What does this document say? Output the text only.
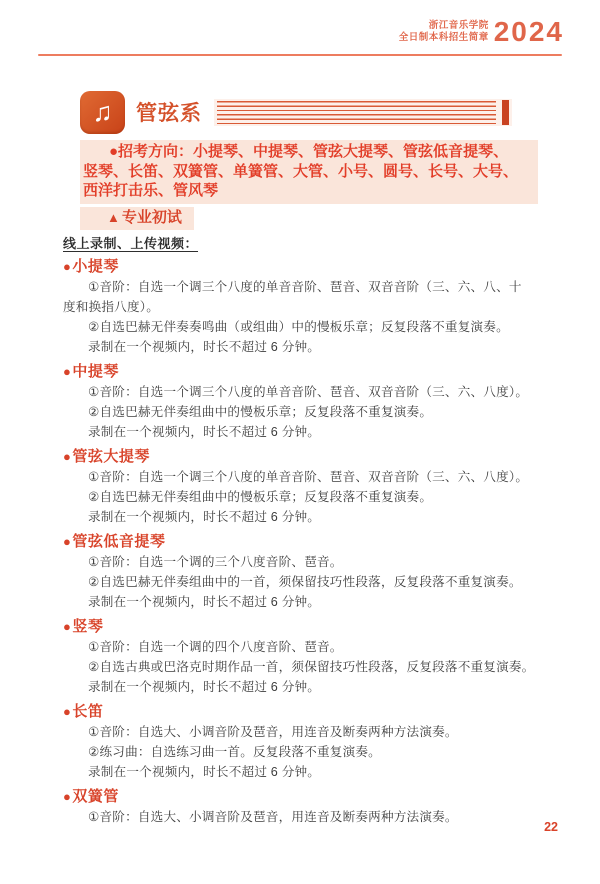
浙江音乐学院
全日制本科招生简章 2024
♫ 管弦系

●招考方向：小提琴、中提琴、管弦大提琴、管弦低音提琴、

竖琴、长笛、双簧管、单簧管、大管、小号、圆号、长号、大号、

西洋打击乐、管风琴

▲ 专业初试
线上录制、上传视频：
●小提琴

①音阶：自选一个调三个八度的单音音阶、琶音、双音音阶（三、六、八、十

度和换指八度）。

②自选巴赫无伴奏奏鸣曲（或组曲）中的慢板乐章；反复段落不重复演奏。

录制在一个视频内，时长不超过 6 分钟。

●中提琴

①音阶：自选一个调三个八度的单音音阶、琶音、双音音阶（三、六、八度）。

②自选巴赫无伴奏组曲中的慢板乐章；反复段落不重复演奏。

录制在一个视频内，时长不超过 6 分钟。

●管弦大提琴

①音阶：自选一个调三个八度的单音音阶、琶音、双音音阶（三、六、八度）。

②自选巴赫无伴奏组曲中的慢板乐章；反复段落不重复演奏。

录制在一个视频内，时长不超过 6 分钟。

●管弦低音提琴

①音阶：自选一个调的三个八度音阶、琶音。

②自选巴赫无伴奏组曲中的一首，须保留技巧性段落，反复段落不重复演奏。

录制在一个视频内，时长不超过 6 分钟。

●竖琴

①音阶：自选一个调的四个八度音阶、琶音。

②自选古典或巴洛克时期作品一首，须保留技巧性段落，反复段落不重复演奏。

录制在一个视频内，时长不超过 6 分钟。

●长笛

①音阶：自选大、小调音阶及琶音，用连音及断奏两种方法演奏。

②练习曲：自选练习曲一首。反复段落不重复演奏。

录制在一个视频内，时长不超过 6 分钟。

●双簧管

①音阶：自选大、小调音阶及琶音，用连音及断奏两种方法演奏。

22
